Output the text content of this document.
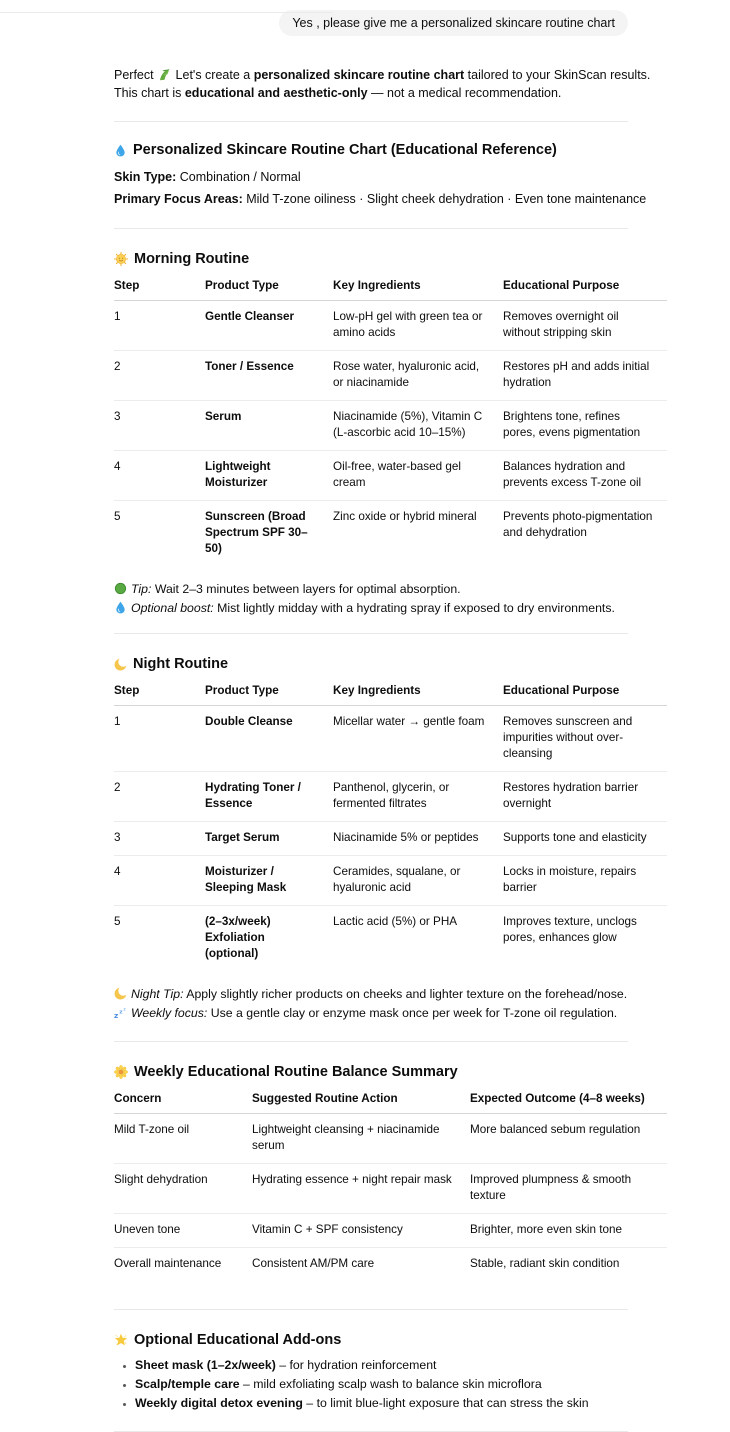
Yes , please give me a personalized skincare routine chart

Perfect  Let's create a personalized skincare routine chart tailored to your SkinScan results.

This chart is educational and aesthetic-only — not a medical recommendation.

Personalized Skincare Routine Chart (Educational Reference)

Skin Type: Combination / Normal

Primary Focus Areas: Mild T-zone oiliness · Slight cheek dehydration · Even tone maintenance

Morning Routine
Step	Product Type	Key Ingredients	Educational Purpose
1	Gentle Cleanser	Low-pH gel with green tea or amino acids	Removes overnight oil without stripping skin
2	Toner / Essence	Rose water, hyaluronic acid, or niacinamide	Restores pH and adds initial hydration
3	Serum	Niacinamide (5%), Vitamin C (L-ascorbic acid 10–15%)	Brightens tone, refines pores, evens pigmentation
4	Lightweight Moisturizer	Oil-free, water-based gel cream	Balances hydration and prevents excess T-zone oil
5	Sunscreen (Broad Spectrum SPF 30–50)	Zinc oxide or hybrid mineral	Prevents photo-pigmentation and dehydration

Tip: Wait 2–3 minutes between layers for optimal absorption.

Optional boost: Mist lightly midday with a hydrating spray if exposed to dry environments.

Night Routine
Step	Product Type	Key Ingredients	Educational Purpose
1	Double Cleanse	Micellar water → gentle foam	Removes sunscreen and impurities without over-cleansing
2	Hydrating Toner / Essence	Panthenol, glycerin, or fermented filtrates	Restores hydration barrier overnight
3	Target Serum	Niacinamide 5% or peptides	Supports tone and elasticity
4	Moisturizer / Sleeping Mask	Ceramides, squalane, or hyaluronic acid	Locks in moisture, repairs barrier
5	(2–3x/week) Exfoliation (optional)	Lactic acid (5%) or PHA	Improves texture, unclogs pores, enhances glow

Night Tip: Apply slightly richer products on cheeks and lighter texture on the forehead/nose.

z z
z Weekly focus: Use a gentle clay or enzyme mask once per week for T-zone oil regulation.

Weekly Educational Routine Balance Summary
Concern	Suggested Routine Action	Expected Outcome (4–8 weeks)
Mild T-zone oil	Lightweight cleansing + niacinamide serum	More balanced sebum regulation
Slight dehydration	Hydrating essence + night repair mask	Improved plumpness & smooth texture
Uneven tone	Vitamin C + SPF consistency	Brighter, more even skin tone
Overall maintenance	Consistent AM/PM care	Stable, radiant skin condition
Optional Educational Add-ons
• Sheet mask (1–2x/week) – for hydration reinforcement
• Scalp/temple care – mild exfoliating scalp wash to balance skin microflora
• Weekly digital detox evening – to limit blue-light exposure that can stress the skin
